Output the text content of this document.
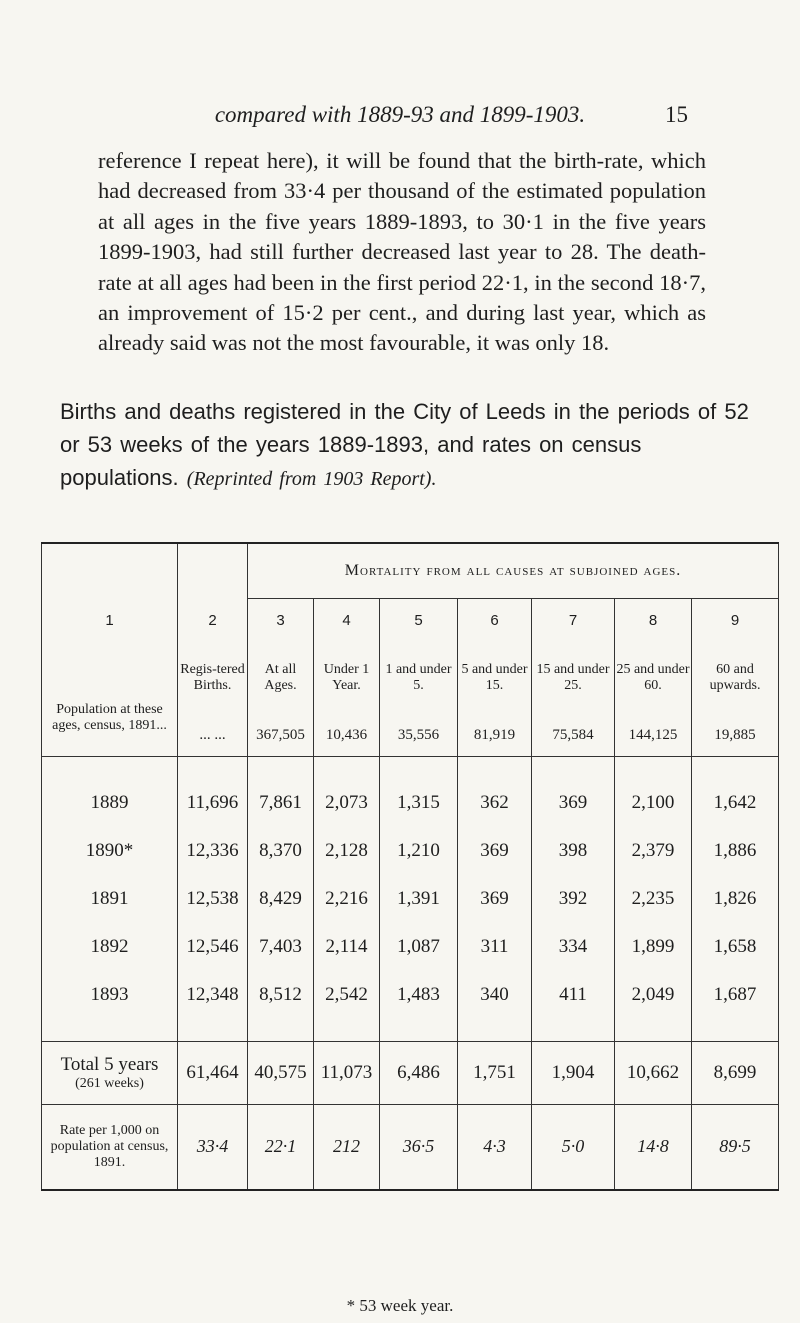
compared with 1889-93 and 1899-1903.	15
reference I repeat here), it will be found that the birth-rate, which had decreased from 33·4 per thousand of the estimated population at all ages in the five years 1889-1893, to 30·1 in the five years 1899-1903, had still further decreased last year to 28. The death-rate at all ages had been in the first period 22·1, in the second 18·7, an improvement of 15·2 per cent., and during last year, which as already said was not the most favourable, it was only 18.
Births and deaths registered in the City of Leeds in the periods of 52 or 53 weeks of the years 1889-1893, and rates on census populations. (Reprinted from 1903 Report).
		Mortality from all causes at subjoined ages.						
1	2	3	4	5	6	7	8	9
Population at these ages, census, 1891...	Regis-tered Births.	At all Ages.	Under 1 Year.	1 and under 5.	5 and under 15.	15 and under 25.	25 and under 60.	60 and upwards.
	... ...	367,505	10,436	35,556	81,919	75,584	144,125	19,885

1889	11,696	7,861	2,073	1,315	362	369	2,100	1,642
1890*	12,336	8,370	2,128	1,210	369	398	2,379	1,886
1891	12,538	8,429	2,216	1,391	369	392	2,235	1,826
1892	12,546	7,403	2,114	1,087	311	334	1,899	1,658
1893	12,348	8,512	2,542	1,483	340	411	2,049	1,687

Total 5 years
(261 weeks)	61,464	40,575	11,073	6,486	1,751	1,904	10,662	8,699
Rate per 1,000 on population at census, 1891.	33·4	22·1	212	36·5	4·3	5·0	14·8	89·5
* 53 week year.
